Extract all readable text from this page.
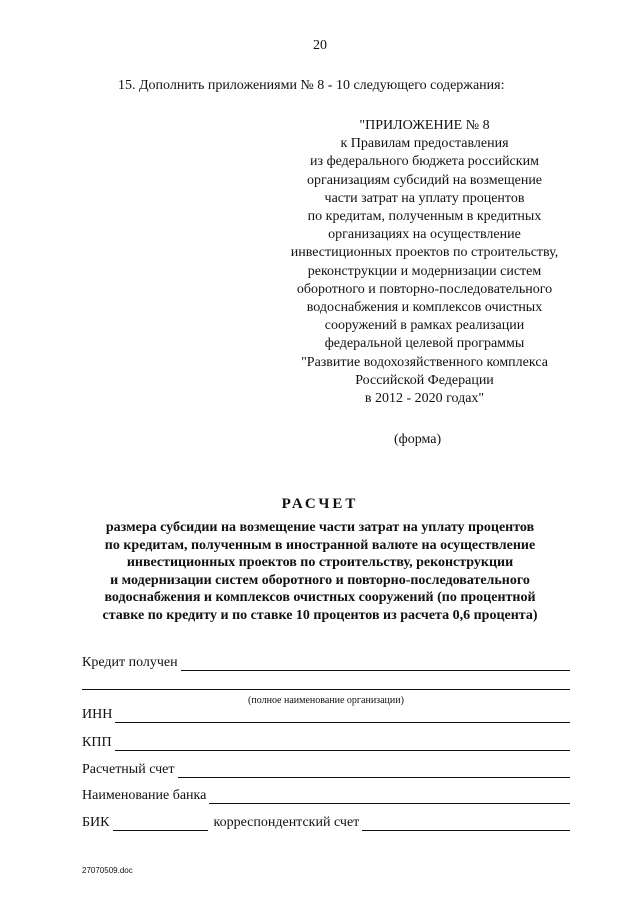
20
15. Дополнить приложениями № 8 - 10 следующего содержания:
"ПРИЛОЖЕНИЕ № 8
к Правилам предоставления
из федерального бюджета российским
организациям субсидий на возмещение
части затрат на уплату процентов
по кредитам, полученным в кредитных
организациях на осуществление
инвестиционных проектов по строительству,
реконструкции и модернизации систем
оборотного и повторно-последовательного
водоснабжения и комплексов очистных
сооружений в рамках реализации
федеральной целевой программы
"Развитие водохозяйственного комплекса
Российской Федерации
в 2012 - 2020 годах"
(форма)
РАСЧЕТ
размера субсидии на возмещение части затрат на уплату процентов
по кредитам, полученным в иностранной валюте на осуществление
инвестиционных проектов по строительству, реконструкции
и модернизации систем оборотного и повторно-последовательного
водоснабжения и комплексов очистных сооружений (по процентной
ставке по кредиту и по ставке 10 процентов из расчета 0,6 процента)
Кредит получен
(полное наименование организации)
ИНН
КПП
Расчетный счет
Наименование банка
БИК	корреспондентский счет
27070509.doc
